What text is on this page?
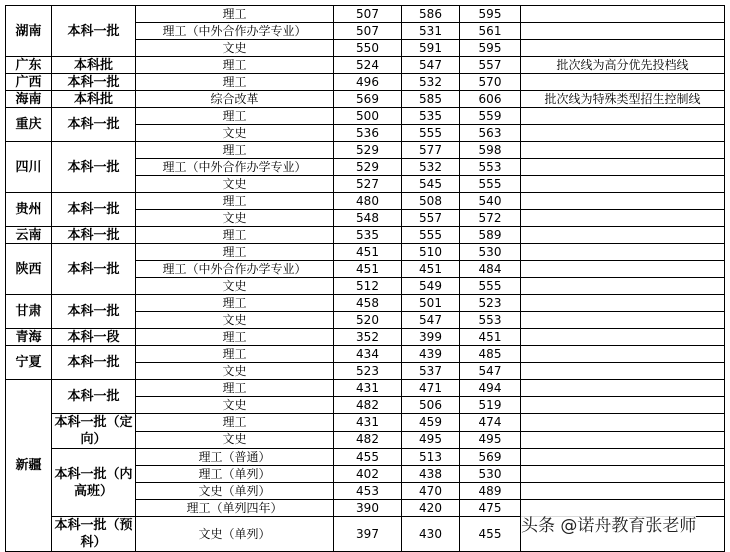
湖南	本科一批	理工	507	586	595	
		理工（中外合作办学专业）	507	531	561	
		文史	550	591	595	
广东	本科批	理工	524	547	557	批次线为高分优先投档线
广西	本科一批	理工	496	532	570	
海南	本科批	综合改革	569	585	606	批次线为特殊类型招生控制线
重庆	本科一批	理工	500	535	559	
		文史	536	555	563	
四川	本科一批	理工	529	577	598	
		理工（中外合作办学专业）	529	532	553	
		文史	527	545	555	
贵州	本科一批	理工	480	508	540	
		文史	548	557	572	
云南	本科一批	理工	535	555	589	
陕西	本科一批	理工	451	510	530	
		理工（中外合作办学专业）	451	451	484	
		文史	512	549	555	
甘肃	本科一批	理工	458	501	523	
		文史	520	547	553	
青海	本科一段	理工	352	399	451	
宁夏	本科一批	理工	434	439	485	
		文史	523	537	547	
新疆	本科一批	理工	431	471	494	
		文史	482	506	519	
	本科一批（定向）	理工	431	459	474	
		文史	482	495	495	
	本科一批（内高班）	理工（普通）	455	513	569	
		理工（单列）	402	438	530	
		文史（单列）	453	470	489	
		理工（单列四年）	390	420	475	
	本科一批（预科）	文史（单列）	397	430	455	头条 @诺舟教育张老师
